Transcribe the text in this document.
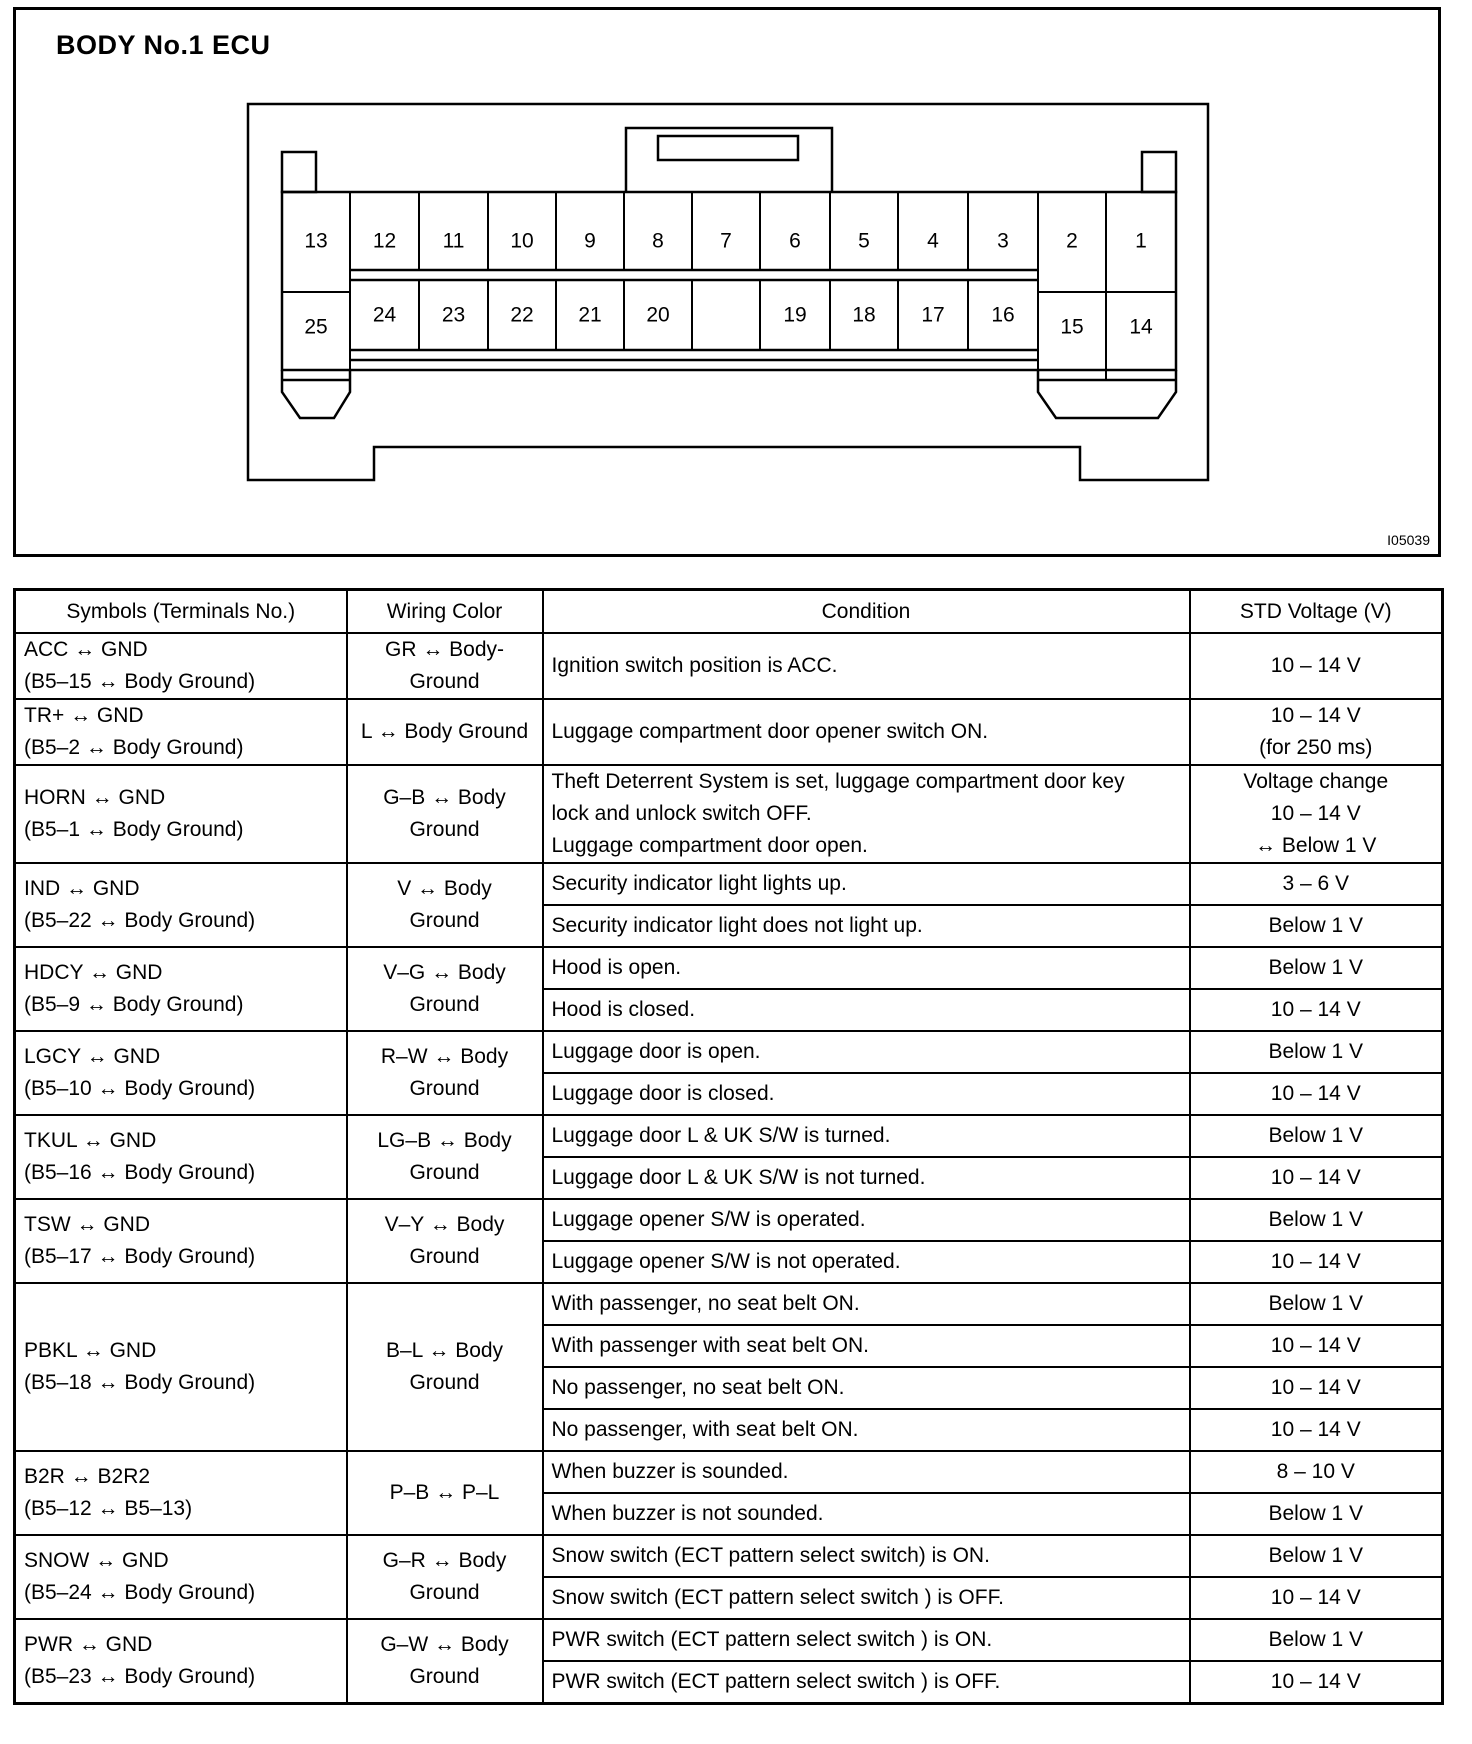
BODY No.1 ECU
I05039
13 12 11 10 9	8	7	6	5	4	3	2	1
25
24 23 22 21 20	19 18 17 16
15 14
Symbols (Terminals No.)	Wiring Color	Condition	STD Voltage (V)

ACC ↔ GND
(B5–15 ↔ Body Ground)	GR ↔ Body-
Ground	Ignition switch position is ACC.	10 – 14 V

TR+ ↔ GND
(B5–2 ↔ Body Ground)	L ↔ Body Ground	Luggage compartment door opener switch ON.	10 – 14 V
(for 250 ms)

HORN ↔ GND
(B5–1 ↔ Body Ground)	G–B ↔ Body
Ground	Theft Deterrent System is set, luggage compartment door key
lock and unlock switch OFF.
Luggage compartment door open.	Voltage change
10 – 14 V
↔ Below 1 V

IND ↔ GND
(B5–22 ↔ Body Ground)	V ↔ Body
Ground	Security indicator light lights up.	3 – 6 V

		Security indicator light does not light up.	Below 1 V

HDCY ↔ GND
(B5–9 ↔ Body Ground)	V–G ↔ Body
Ground	Hood is open.	Below 1 V

		Hood is closed.	10 – 14 V

LGCY ↔ GND
(B5–10 ↔ Body Ground)	R–W ↔ Body
Ground	Luggage door is open.	Below 1 V

		Luggage door is closed.	10 – 14 V

TKUL ↔ GND
(B5–16 ↔ Body Ground)	LG–B ↔ Body
Ground	Luggage door L & UK S/W is turned.	Below 1 V

		Luggage door L & UK S/W is not turned.	10 – 14 V

TSW ↔ GND
(B5–17 ↔ Body Ground)	V–Y ↔ Body
Ground	Luggage opener S/W is operated.	Below 1 V

		Luggage opener S/W is not operated.	10 – 14 V

PBKL ↔ GND
(B5–18 ↔ Body Ground)	B–L ↔ Body
Ground	With passenger, no seat belt ON.	Below 1 V

		With passenger with seat belt ON.	10 – 14 V

		No passenger, no seat belt ON.	10 – 14 V

		No passenger, with seat belt ON.	10 – 14 V

B2R ↔ B2R2
(B5–12 ↔ B5–13)	P–B ↔ P–L	When buzzer is sounded.	8 – 10 V

		When buzzer is not sounded.	Below 1 V

SNOW ↔ GND
(B5–24 ↔ Body Ground)	G–R ↔ Body
Ground	Snow switch (ECT pattern select switch) is ON.	Below 1 V

		Snow switch (ECT pattern select switch ) is OFF.	10 – 14 V

PWR ↔ GND
(B5–23 ↔ Body Ground)	G–W ↔ Body
Ground	PWR switch (ECT pattern select switch ) is ON.	Below 1 V

		PWR switch (ECT pattern select switch ) is OFF.	10 – 14 V
